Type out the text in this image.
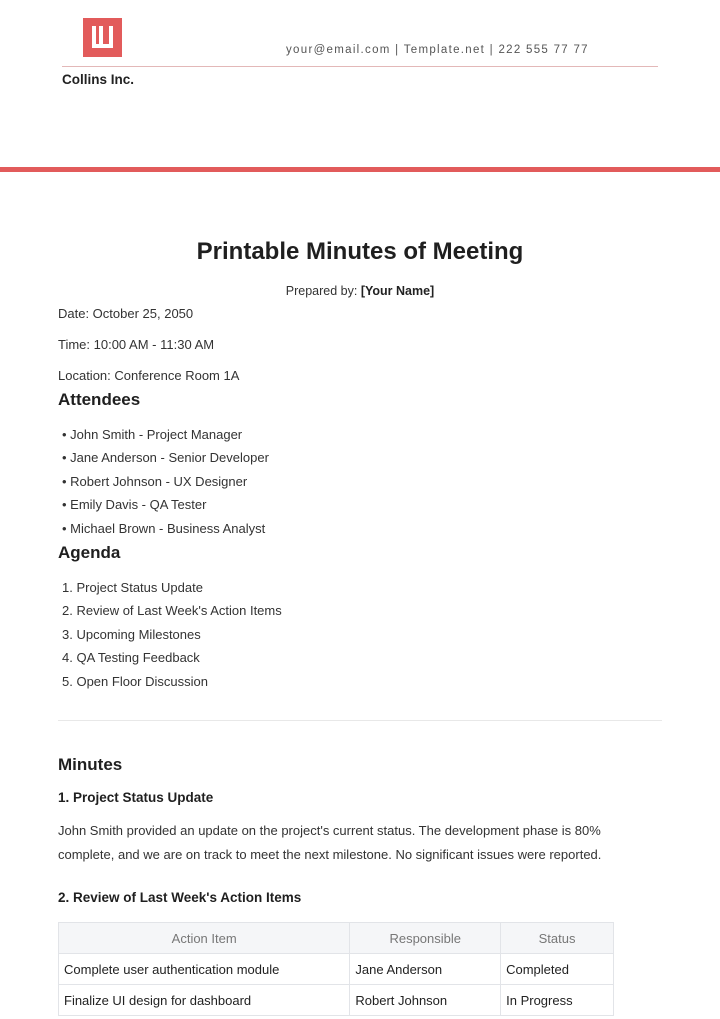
your@email.com | Template.net | 222 555 77 77
Collins Inc.
Printable Minutes of Meeting
Prepared by: [Your Name]
Date: October 25, 2050
Time: 10:00 AM - 11:30 AM
Location: Conference Room 1A
Attendees
• John Smith - Project Manager
• Jane Anderson - Senior Developer
• Robert Johnson - UX Designer
• Emily Davis - QA Tester
• Michael Brown - Business Analyst
Agenda
1. Project Status Update
2. Review of Last Week's Action Items
3. Upcoming Milestones
4. QA Testing Feedback
5. Open Floor Discussion
Minutes
1. Project Status Update
John Smith provided an update on the project's current status. The development phase is 80% complete, and we are on track to meet the next milestone. No significant issues were reported.
2. Review of Last Week's Action Items
Action Item	Responsible	Status
Complete user authentication module	Jane Anderson	Completed
Finalize UI design for dashboard	Robert Johnson	In Progress
